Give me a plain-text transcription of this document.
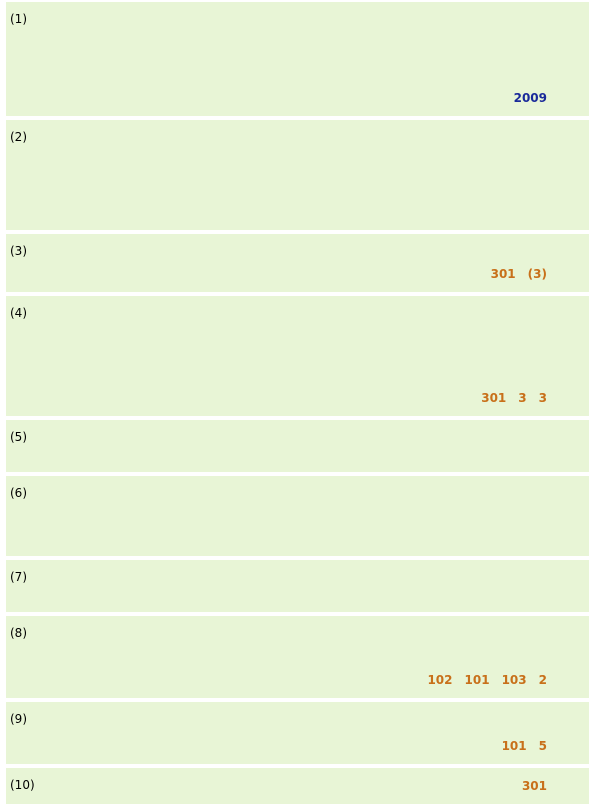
(1)
2009
(2)
(3)
301 (3)
(4)
301 3 3
(5)
(6)
(7)
(8)
102 101 103 2
(9)
101 5
(10)	301
